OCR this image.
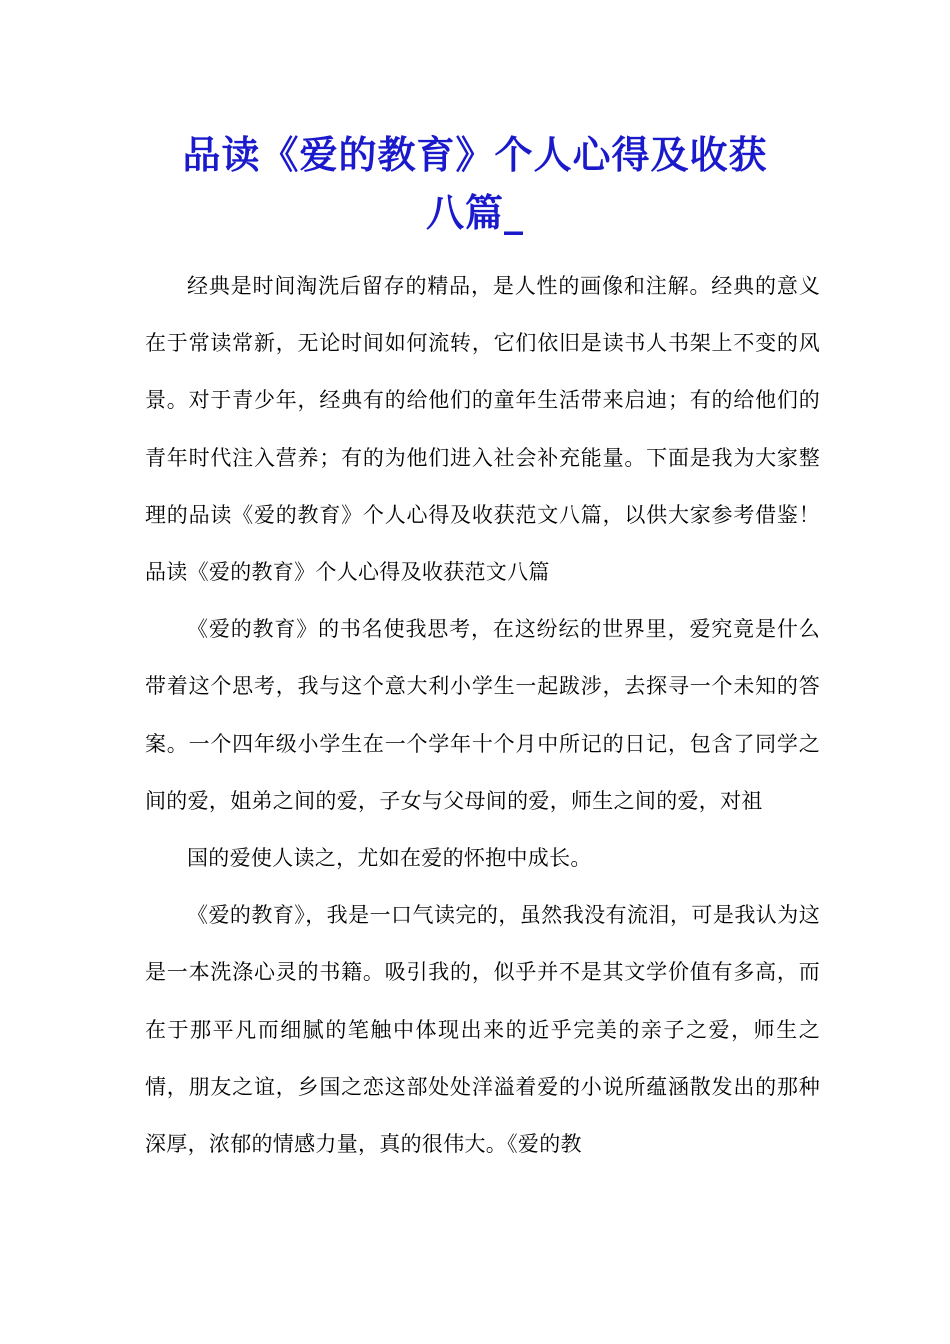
品读《爱的教育》个人心得及收获
八篇_

经典是时间淘洗后留存的精品，是人性的画像和注解。经典的意义在于常读常新，无论时间如何流转，它们依旧是读书人书架上不变的风景。对于青少年，经典有的给他们的童年生活带来启迪；有的给他们的青年时代注入营养；有的为他们进入社会补充能量。下面是我为大家整理的品读《爱的教育》个人心得及收获范文八篇，以供大家参考借鉴！品读《爱的教育》个人心得及收获范文八篇

《爱的教育》的书名使我思考，在这纷纭的世界里，爱究竟是什么带着这个思考，我与这个意大利小学生一起跋涉，去探寻一个未知的答案。一个四年级小学生在一个学年十个月中所记的日记，包含了同学之间的爱，姐弟之间的爱，子女与父母间的爱，师生之间的爱，对祖

国的爱使人读之，尤如在爱的怀抱中成长。

《爱的教育》，我是一口气读完的，虽然我没有流泪，可是我认为这是一本洗涤心灵的书籍。吸引我的，似乎并不是其文学价值有多高，而在于那平凡而细腻的笔触中体现出来的近乎完美的亲子之爱，师生之情，朋友之谊，乡国之恋这部处处洋溢着爱的小说所蕴涵散发出的那种深厚，浓郁的情感力量，真的很伟大。《爱的教
